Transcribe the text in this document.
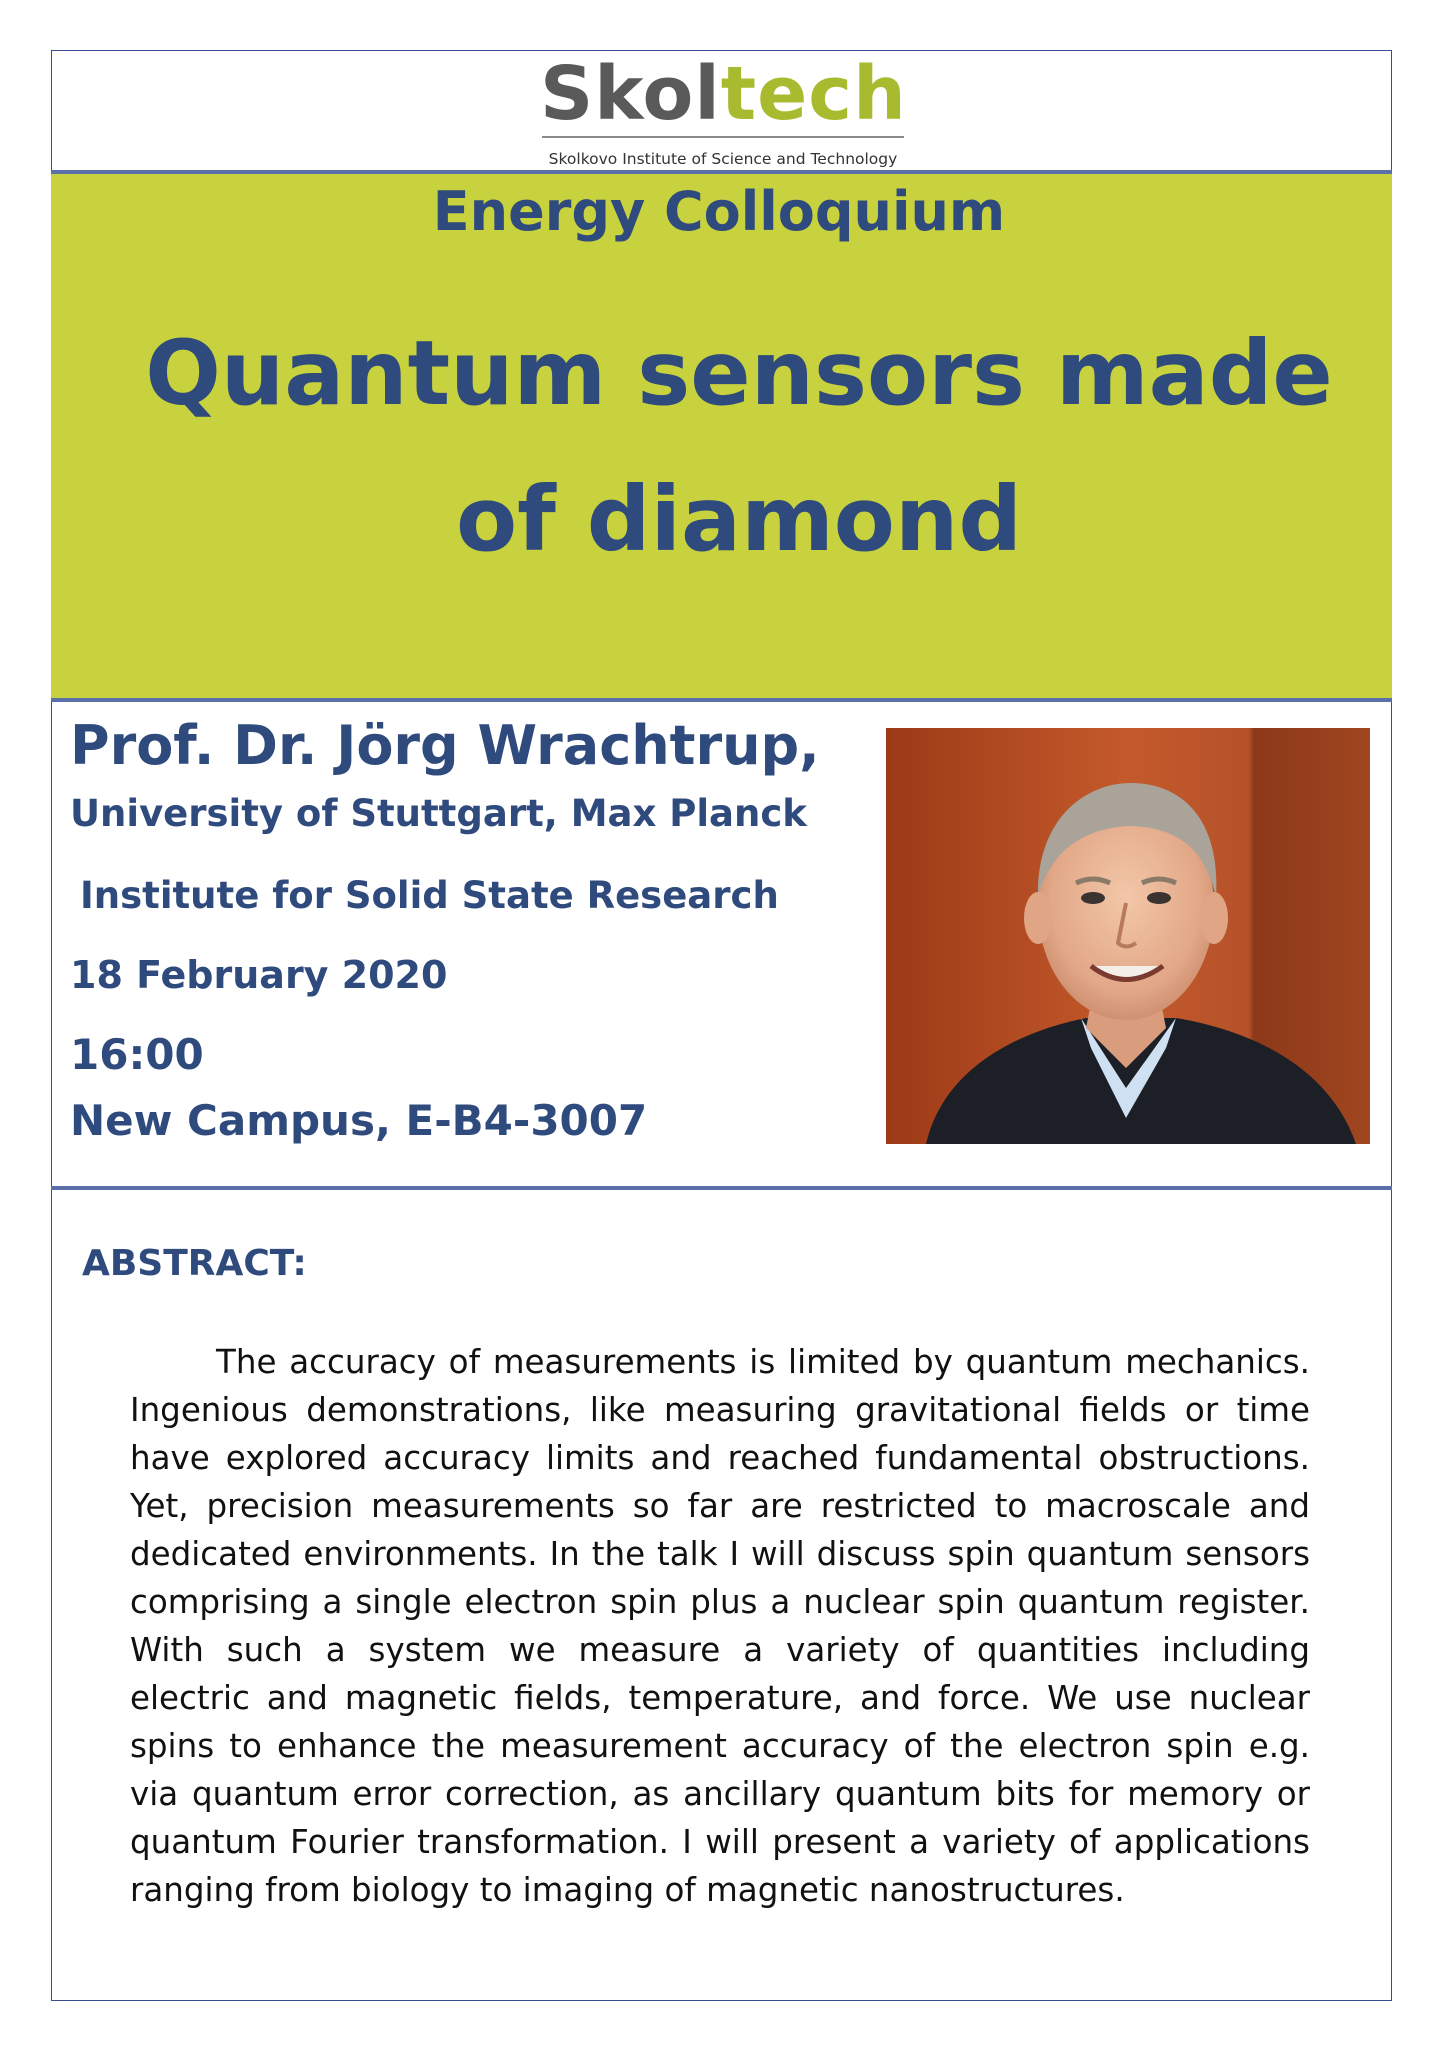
Skoltech
Skolkovo Institute of Science and Technology
Energy Colloquium
Quantum sensors made of diamond
Prof. Dr. Jörg Wrachtrup,
University of Stuttgart, Max Planck
Institute for Solid State Research
18 February 2020
16:00
New Campus, E-B4-3007
ABSTRACT:
The accuracy of measurements is limited by quantum mechanics. Ingenious demonstrations, like measuring gravitational fields or time have explored accuracy limits and reached fundamental obstructions. Yet, precision measurements so far are restricted to macroscale and dedicated environments. In the talk I will discuss spin quantum sensors comprising a single electron spin plus a nuclear spin quantum register. With such a system we measure a variety of quantities including electric and magnetic fields, temperature, and force. We use nuclear spins to enhance the measurement accuracy of the electron spin e.g. via quantum error correction, as ancillary quantum bits for memory or quantum Fourier transformation. I will present a variety of applications ranging from biology to imaging of magnetic nanostructures.
